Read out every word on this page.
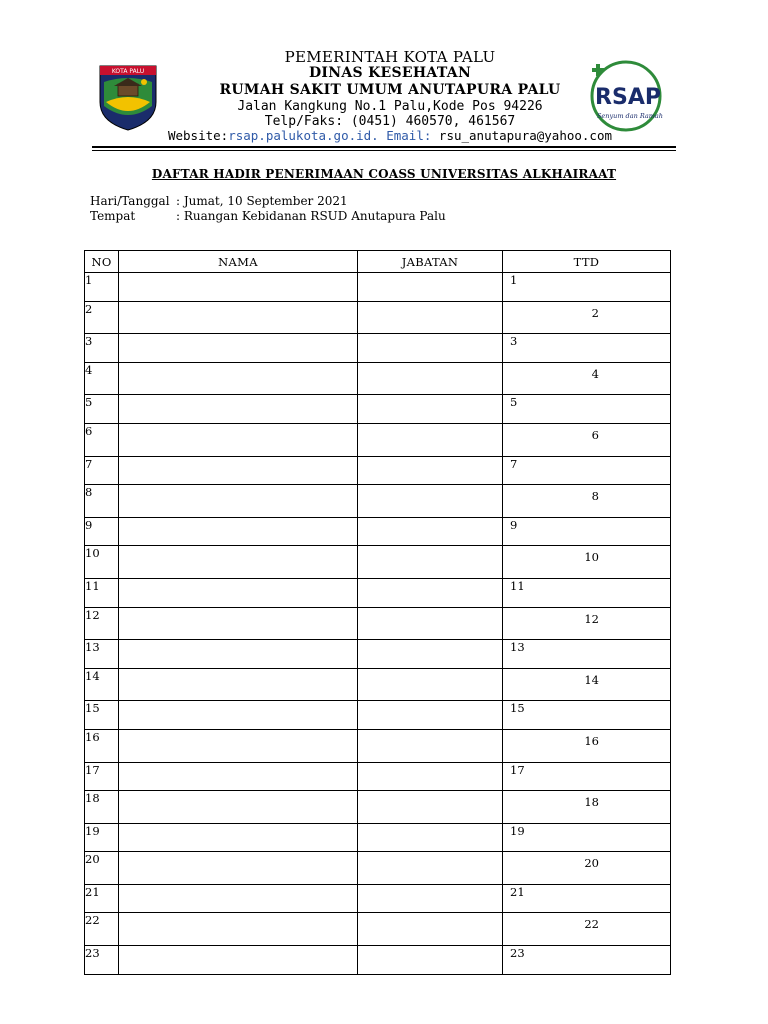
KOTA PALU
PEMERINTAH KOTA PALU
DINAS KESEHATAN
RUMAH SAKIT UMUM ANUTAPURA PALU
Jalan Kangkung No.1 Palu,Kode Pos 94226
Telp/Faks: (0451) 460570, 461567
Website:rsap.palukota.go.id. Email: rsu_anutapura@yahoo.com
RSAP
Senyum dan Ramah
DAFTAR HADIR PENERIMAAN COASS UNIVERSITAS ALKHAIRAAT
Hari/Tanggal : Jumat, 10 September 2021
Tempat	: Ruangan Kebidanan RSUD Anutapura Palu
NO	NAMA	JABATAN	TTD
1			1
2			2
3			3
4			4
5			5
6			6
7			7
8			8
9			9
10			10
11			11
12			12
13			13
14			14
15			15
16			16
17			17
18			18
19			19
20			20
21			21
22			22
23			23
